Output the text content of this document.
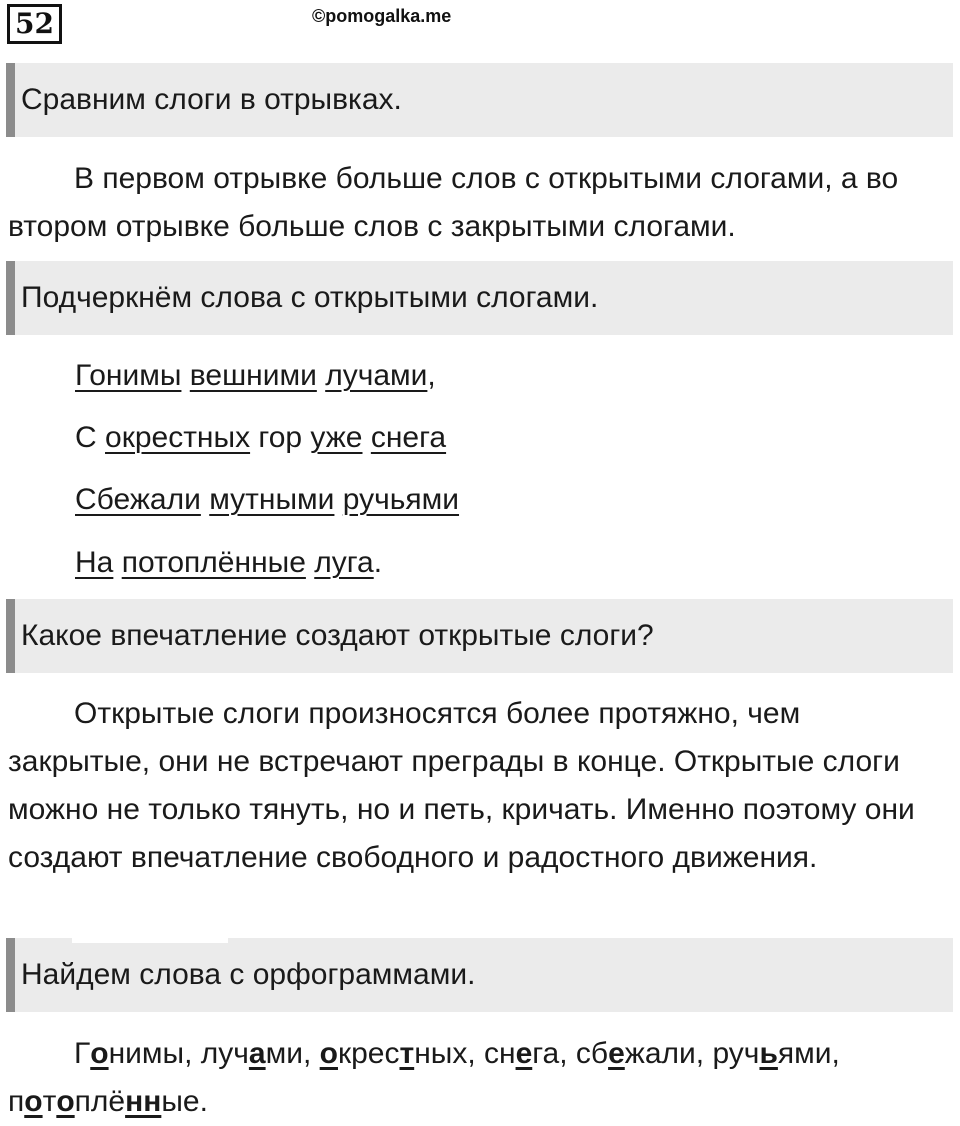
52	©pomogalka.me
Сравним слоги в отрывках.
В первом отрывке больше слов с открытыми слогами, а во втором отрывке больше слов с закрытыми слогами.
Подчеркнём слова с открытыми слогами.
Гонимы вешними лучами,
С окрестных гор уже снега
Сбежали мутными ручьями
На потоплённые луга.
Какое впечатление создают открытые слоги?
Открытые слоги произносятся более протяжно, чем закрытые, они не встречают преграды в конце. Открытые слоги можно не только тянуть, но и петь, кричать. Именно поэтому они создают впечатление свободного и радостного движения.
Найдем слова с орфограммами.
Гонимы, лучами, окрестных, снега, сбежали, ручьями,
потоплённые.
